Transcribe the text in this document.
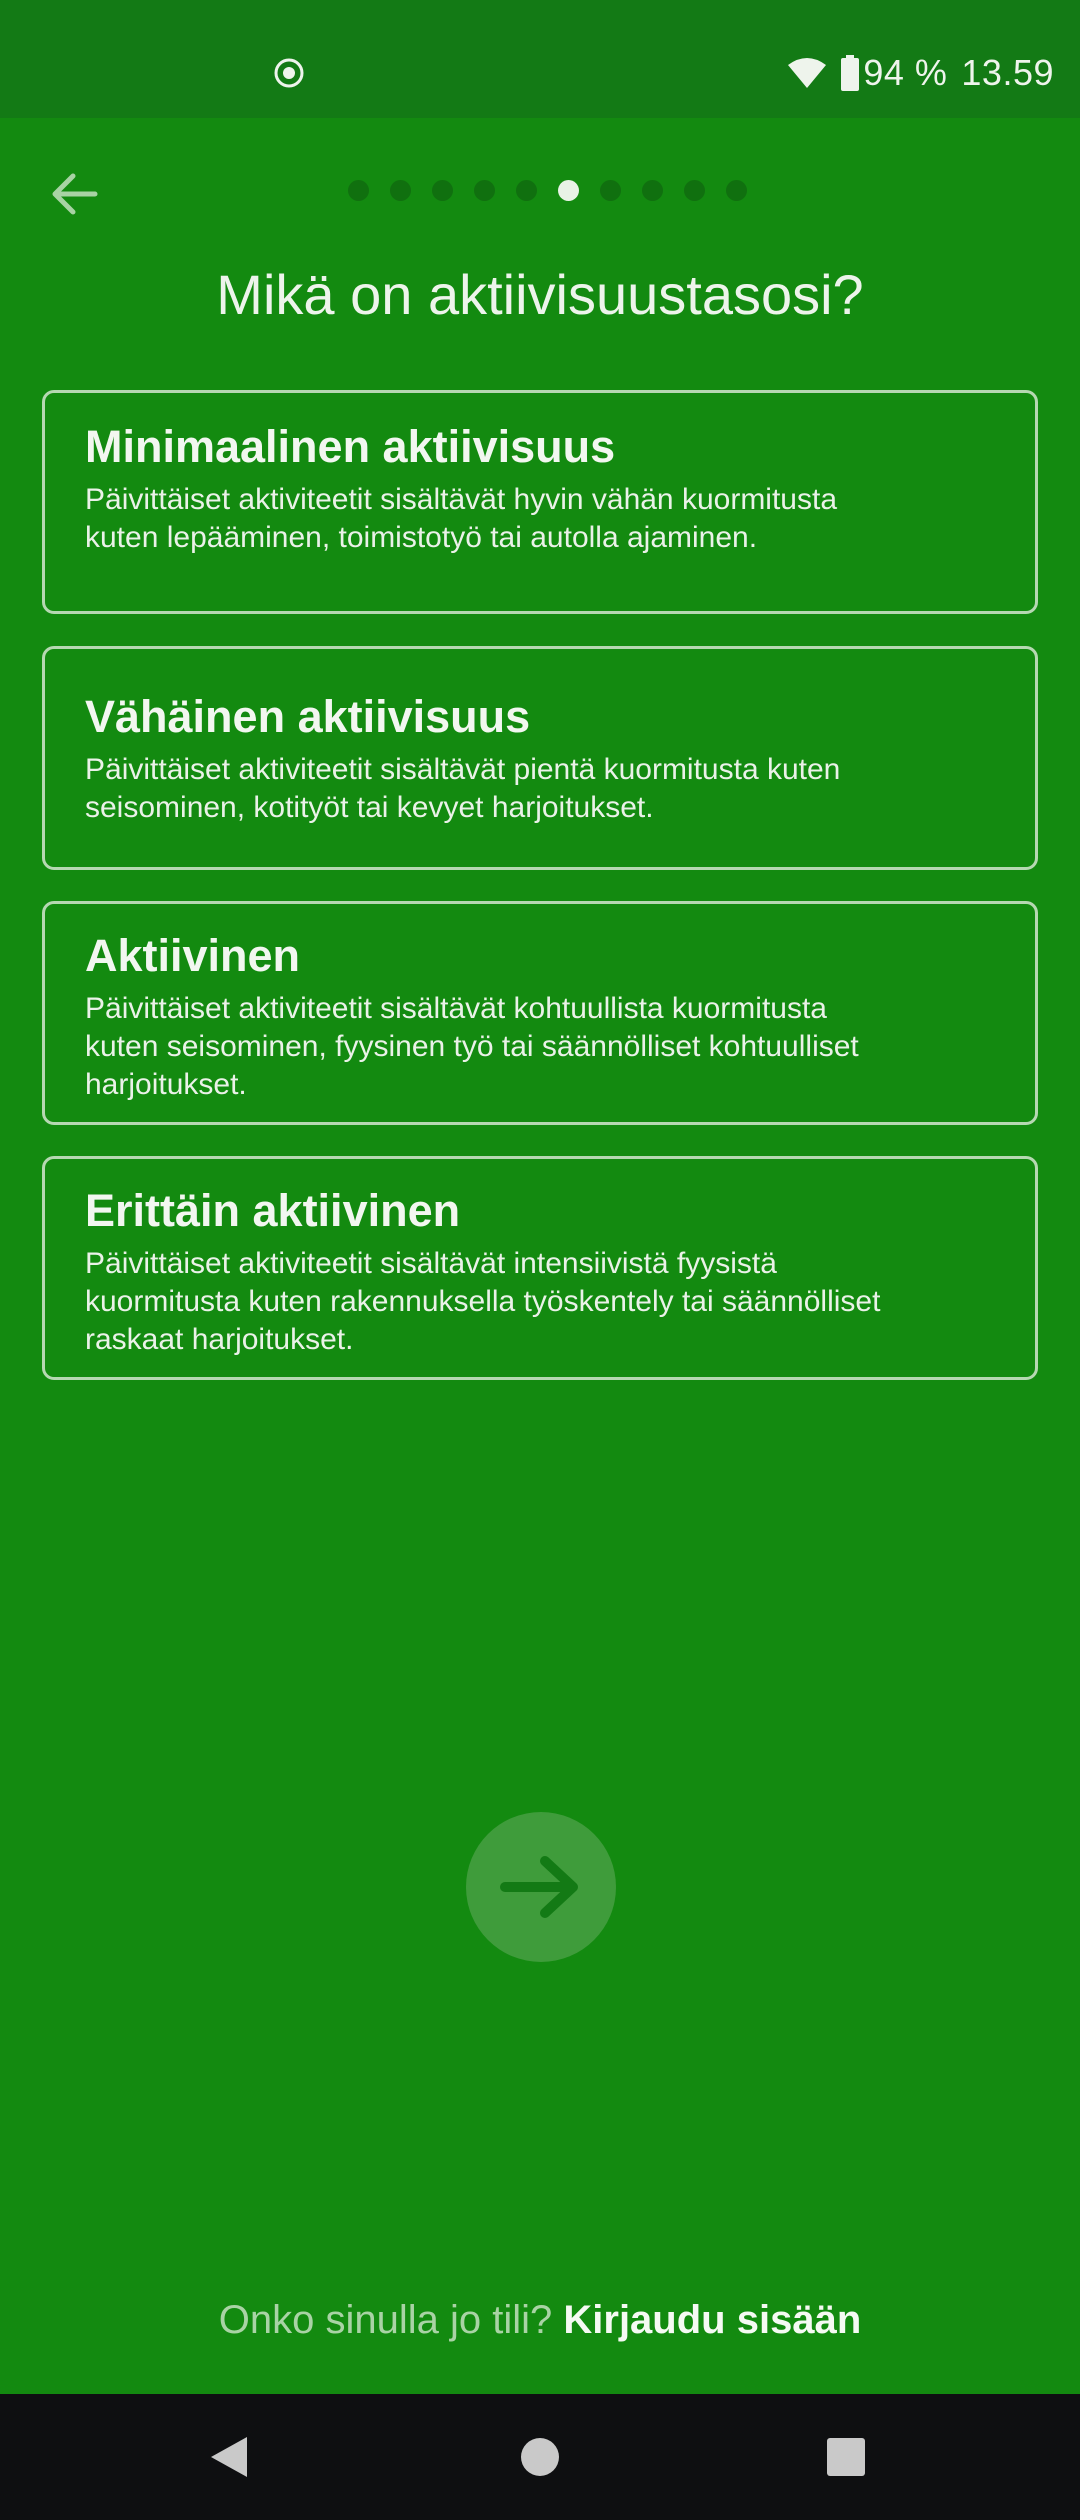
94 % 13.59
Mikä on aktiivisuustasosi?
Minimaalinen aktiivisuus
Päivittäiset aktiviteetit sisältävät hyvin vähän kuormitusta kuten lepääminen, toimistotyö tai autolla ajaminen.
Vähäinen aktiivisuus
Päivittäiset aktiviteetit sisältävät pientä kuormitusta kuten seisominen, kotityöt tai kevyet harjoitukset.
Aktiivinen
Päivittäiset aktiviteetit sisältävät kohtuullista kuormitusta kuten seisominen, fyysinen työ tai säännölliset kohtuulliset harjoitukset.
Erittäin aktiivinen
Päivittäiset aktiviteetit sisältävät intensiivistä fyysistä kuormitusta kuten rakennuksella työskentely tai säännölliset raskaat harjoitukset.
Onko sinulla jo tili? Kirjaudu sisään
